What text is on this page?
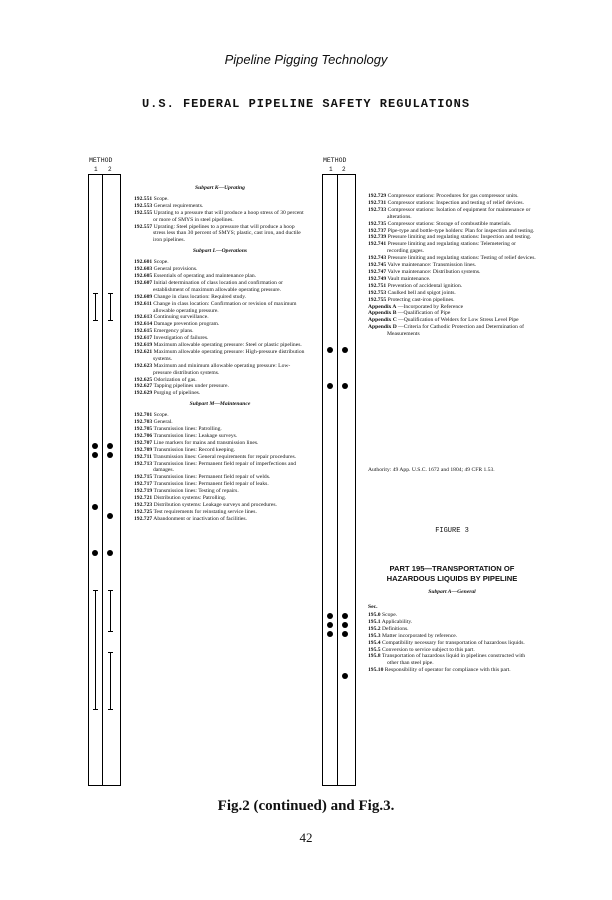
Pipeline Pigging Technology
U.S. FEDERAL PIPELINE SAFETY REGULATIONS
METHOD
1 2
Subpart K—Uprating

192.551 Scope.

192.553 General requirements.

192.555 Uprating to a pressure that will produce a hoop stress of 30 percent or more of SMYS in steel pipelines.

192.557 Uprating: Steel pipelines to a pressure that will produce a hoop stress less than 30 percent of SMYS; plastic, cast iron, and ductile iron pipelines.

Subpart L—Operations

192.601 Scope.

192.603 General provisions.

192.605 Essentials of operating and maintenance plan.

192.607 Initial determination of class location and confirmation or establishment of maximum allowable operating pressure.

192.609 Change in class location: Required study.

192.611 Change in class location: Confirmation or revision of maximum allowable operating pressure.

192.613 Continuing surveillance.

192.614 Damage prevention program.

192.615 Emergency plans.

192.617 Investigation of failures.

192.619 Maximum allowable operating pressure: Steel or plastic pipelines.

192.621 Maximum allowable operating pressure: High-pressure distribution systems.

192.623 Maximum and minimum allowable operating pressure: Low-pressure distribution systems.

192.625 Odorization of gas.

192.627 Tapping pipelines under pressure.

192.629 Purging of pipelines.

Subpart M—Maintenance

192.701 Scope.

192.703 General.

192.705 Transmission lines: Patrolling.

192.706 Transmission lines: Leakage surveys.

192.707 Line markers for mains and transmission lines.

192.709 Transmission lines: Record keeping.

192.711 Transmission lines: General requirements for repair procedures.

192.713 Transmission lines: Permanent field repair of imperfections and damages.

192.715 Transmission lines: Permanent field repair of welds.

192.717 Transmission lines: Permanent field repair of leaks.

192.719 Transmission lines: Testing of repairs.

192.721 Distribution systems: Patrolling.

192.723 Distribution systems: Leakage surveys and procedures.

192.725 Test requirements for reinstating service lines.

192.727 Abandonment or inactivation of facilities.

METHOD
1 2

192.729 Compressor stations: Procedures for gas compressor units.

192.731 Compressor stations: Inspection and testing of relief devices.

192.733 Compressor stations: Isolation of equipment for maintenance or alterations.

192.735 Compressor stations: Storage of combustible materials.

192.737 Pipe-type and bottle-type holders: Plan for inspection and testing.

192.739 Pressure limiting and regulating stations: Inspection and testing.

192.741 Pressure limiting and regulating stations: Telemetering or recording gages.

192.743 Pressure limiting and regulating stations: Testing of relief devices.

192.745 Valve maintenance: Transmission lines.

192.747 Valve maintenance: Distribution systems.

192.749 Vault maintenance.

192.751 Prevention of accidental ignition.

192.753 Caulked bell and spigot joints.

192.755 Protecting cast-iron pipelines.

Appendix A —Incorporated by Reference

Appendix B —Qualification of Pipe

Appendix C —Qualification of Welders for Low Stress Level Pipe

Appendix D —Criteria for Cathodic Protection and Determination of Measurements

Authority: 49 App. U.S.C. 1672 and 1804; 49 CFR 1.53.
FIGURE 3
PART 195—TRANSPORTATION OF HAZARDOUS LIQUIDS BY PIPELINE
Subpart A—General
Sec.

195.0 Scope.

195.1 Applicability.

195.2 Definitions.

195.3 Matter incorporated by reference.

195.4 Compatibility necessary for transportation of hazardous liquids.

195.5 Conversion to service subject to this part.

195.8 Transportation of hazardous liquid in pipelines constructed with other than steel pipe.

195.10 Responsibility of operator for compliance with this part.

Fig.2 (continued) and Fig.3.
42
